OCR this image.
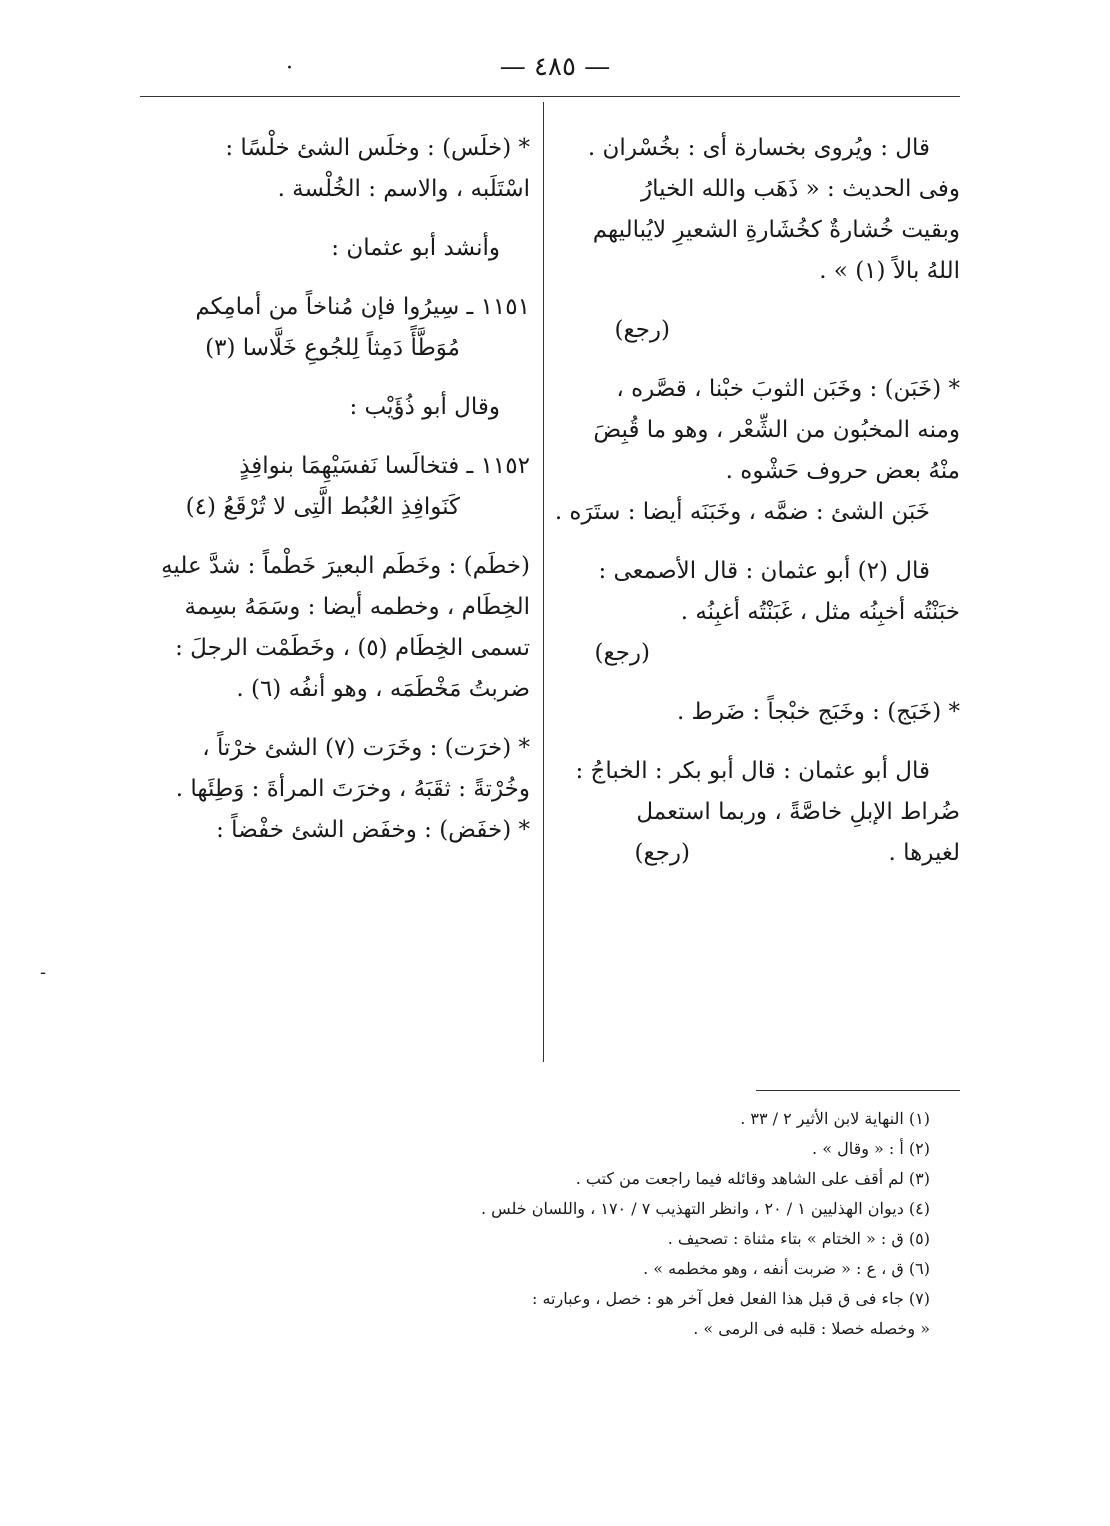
— ٤٨٥ —
·
قال : ويُروى بخسارة أى : بخُسْران .
وفى الحديث : « ذَهَب والله الخيارُ
وبقيت خُشارةٌ كخُشَارةِ الشعيرِ لايُباليهم
اللهُ بالاً (١) » .
(رجع)
* (خَبَن) : وخَبَن الثوبَ خبْنا ، قصَّره ،
ومنه المخبُون من الشِّعْر ، وهو ما قُبِضَ
منْهُ بعض حروف حَشْوه .
خَبَن الشئ : ضمَّه ، وخَبَنَه أيضا : ستَرَه .
قال (٢) أبو عثمان : قال الأصمعى :
خبَنْتُه أخبِنُه مثل ، غَبَنْتُه أغبِنُه .
(رجع)
* (خَبَج) : وخَبَج خبْجاً : ضَرط .
قال أبو عثمان : قال أبو بكر : الخباجُ :
ضُراط الإبلِ خاصَّةً ، وربما استعمل
لغيرها .(رجع)
* (خلَس) : وخلَس الشئ خلْسًا :
اسْتَلَبه ، والاسم : الخُلْسة .
وأنشد أبو عثمان :
١١٥١ ـ سِيرُوا فإن مُناخاً من أمامِكم
مُوَطَّأً دَمِثاً لِلجُوعِ خَلَّاسا (٣)
وقال أبو ذُؤَيْب :
١١٥٢ ـ فتخالَسا نَفسَيْهِمَا بنوافِذٍ
كَنَوافِذِ العُبُط الَّتِى لا تُرْقَعُ (٤)
(خطَم) : وخَطَم البعيرَ خَطْماً : شدَّ عليهِ
الخِطَام ، وخطمه أيضا : وسَمَهُ بسِمة
تسمى الخِطَام (٥) ، وخَطَمْت الرجلَ :
ضربتُ مَخْطَمَه ، وهو أنفُه (٦) .
* (خرَت) : وخَرَت (٧) الشئ خرْتاً ،
وخُرْتةً : ثقَبَهُ ، وخرَتَ المرأةَ : وَطِئَها .
* (خفَض) : وخفَض الشئ خفْضاً :
-
(١) النهاية لابن الأثير ٢ / ٣٣ .
(٢) أ : « وقال » .
(٣) لم أقف على الشاهد وقائله فيما راجعت من كتب .
(٤) ديوان الهذليين ١ / ٢٠ ، وانظر التهذيب ٧ / ١٧٠ ، واللسان خلس .
(٥) ق : « الختام » بتاء مثناة : تصحيف .
(٦) ق ، ع : « ضربت أنفه ، وهو مخطمه » .
(٧) جاء فى ق قبل هذا الفعل فعل آخر هو : خصل ، وعبارته :
« وخصله خصلا : قلبه فى الرمى » .
